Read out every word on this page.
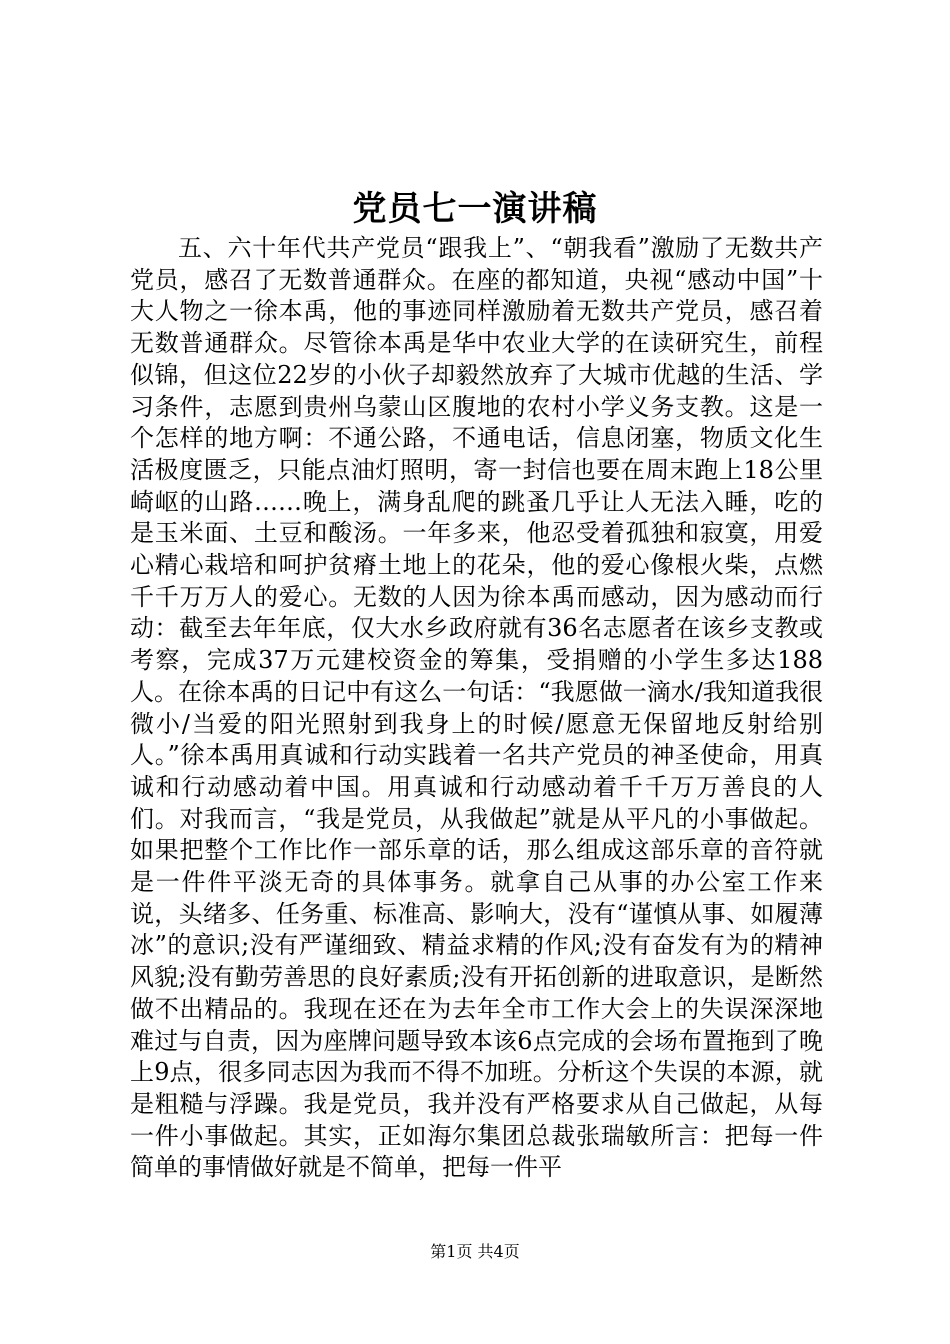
党员七一演讲稿

五、六十年代共产党员“跟我上”、“朝我看”激励了无数共产党员，感召了无数普通群众。在座的都知道，央视“感动中国”十大人物之一徐本禹，他的事迹同样激励着无数共产党员，感召着无数普通群众。尽管徐本禹是华中农业大学的在读研究生，前程似锦，但这位22岁的小伙子却毅然放弃了大城市优越的生活、学习条件，志愿到贵州乌蒙山区腹地的农村小学义务支教。这是一个怎样的地方啊：不通公路，不通电话，信息闭塞，物质文化生活极度匮乏，只能点油灯照明，寄一封信也要在周末跑上18公里崎岖的山路……晚上，满身乱爬的跳蚤几乎让人无法入睡，吃的是玉米面、土豆和酸汤。一年多来，他忍受着孤独和寂寞，用爱心精心栽培和呵护贫瘠土地上的花朵，他的爱心像根火柴，点燃千千万万人的爱心。无数的人因为徐本禹而感动，因为感动而行动：截至去年年底，仅大水乡政府就有36名志愿者在该乡支教或考察，完成37万元建校资金的筹集，受捐赠的小学生多达188人。在徐本禹的日记中有这么一句话：“我愿做一滴水/我知道我很微小/当爱的阳光照射到我身上的时候/愿意无保留地反射给别人。”徐本禹用真诚和行动实践着一名共产党员的神圣使命，用真诚和行动感动着中国。用真诚和行动感动着千千万万善良的人们。对我而言，“我是党员，从我做起”就是从平凡的小事做起。如果把整个工作比作一部乐章的话，那么组成这部乐章的音符就是一件件平淡无奇的具体事务。就拿自己从事的办公室工作来说，头绪多、任务重、标准高、影响大，没有“谨慎从事、如履薄冰”的意识;没有严谨细致、精益求精的作风;没有奋发有为的精神风貌;没有勤劳善思的良好素质;没有开拓创新的进取意识，是断然做不出精品的。我现在还在为去年全市工作大会上的失误深深地难过与自责，因为座牌问题导致本该6点完成的会场布置拖到了晚上9点，很多同志因为我而不得不加班。分析这个失误的本源，就是粗糙与浮躁。我是党员，我并没有严格要求从自己做起，从每一件小事做起。其实，正如海尔集团总裁张瑞敏所言：把每一件简单的事情做好就是不简单，把每一件平

第1页 共4页
